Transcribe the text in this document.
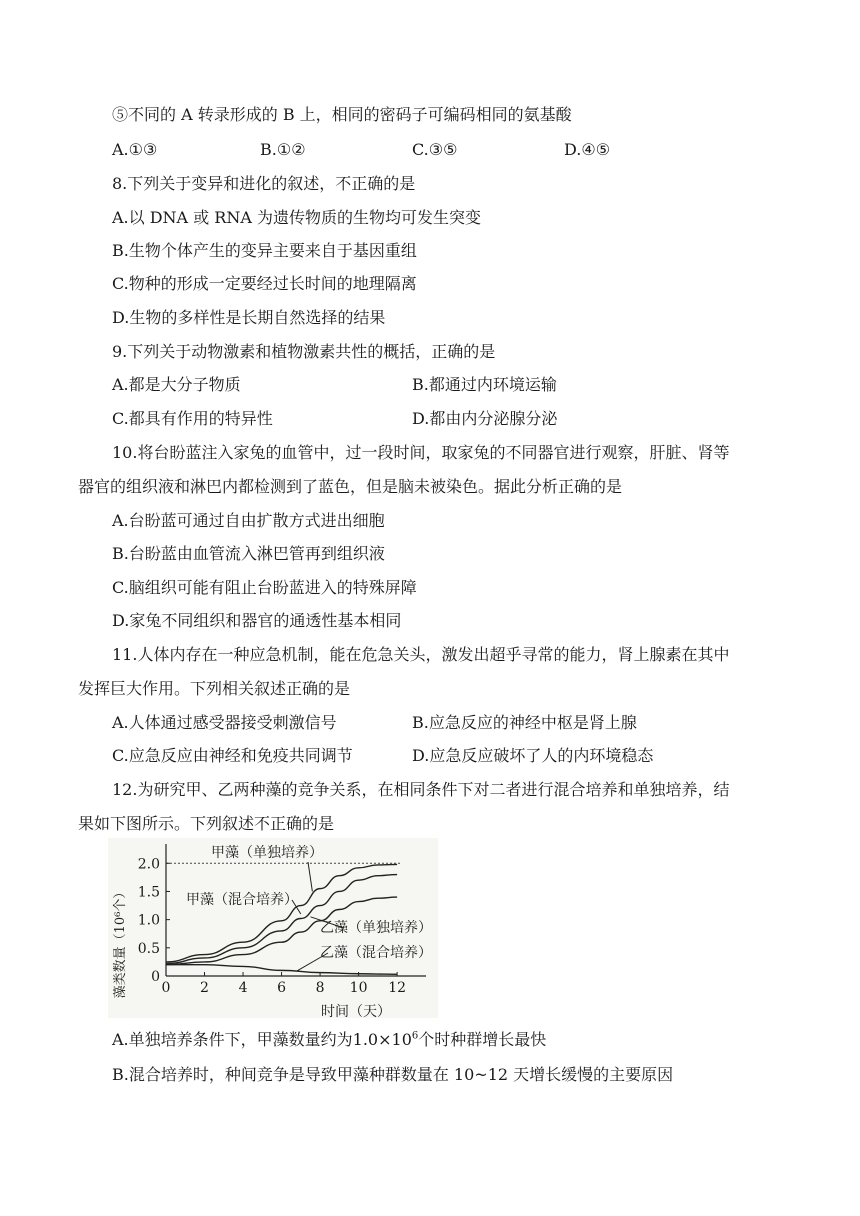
⑤不同的 A 转录形成的 B 上，相同的密码子可编码相同的氨基酸
A.①③	B.①②	C.③⑤	D.④⑤
8.下列关于变异和进化的叙述，不正确的是
A.以 DNA 或 RNA 为遗传物质的生物均可发生突变
B.生物个体产生的变异主要来自于基因重组
C.物种的形成一定要经过长时间的地理隔离
D.生物的多样性是长期自然选择的结果
9.下列关于动物激素和植物激素共性的概括，正确的是
A.都是大分子物质	B.都通过内环境运输
C.都具有作用的特异性	D.都由内分泌腺分泌
10.将台盼蓝注入家兔的血管中，过一段时间，取家兔的不同器官进行观察，肝脏、肾等
器官的组织液和淋巴内都检测到了蓝色，但是脑未被染色。据此分析正确的是
A.台盼蓝可通过自由扩散方式进出细胞
B.台盼蓝由血管流入淋巴管再到组织液
C.脑组织可能有阻止台盼蓝进入的特殊屏障
D.家兔不同组织和器官的通透性基本相同
11.人体内存在一种应急机制，能在危急关头，激发出超乎寻常的能力，肾上腺素在其中
发挥巨大作用。下列相关叙述正确的是
A.人体通过感受器接受刺激信号	B.应急反应的神经中枢是肾上腺
C.应急反应由神经和免疫共同调节	D.应急反应破坏了人的内环境稳态
12.为研究甲、乙两种藻的竞争关系，在相同条件下对二者进行混合培养和单独培养，结
果如下图所示。下列叙述不正确的是
0 2 4 6 8 10 12
0
0.5
1.0
1.5
2.0
藻类数量（10⁶个）
时间（天）
甲藻（单独培养）
甲藻（混合培养）
乙藻（单独培养）
乙藻（混合培养）
A.单独培养条件下，甲藻数量约为$1.0\times 10^6$个时种群增长最快
B.混合培养时，种间竞争是导致甲藻种群数量在 10~12 天增长缓慢的主要原因
